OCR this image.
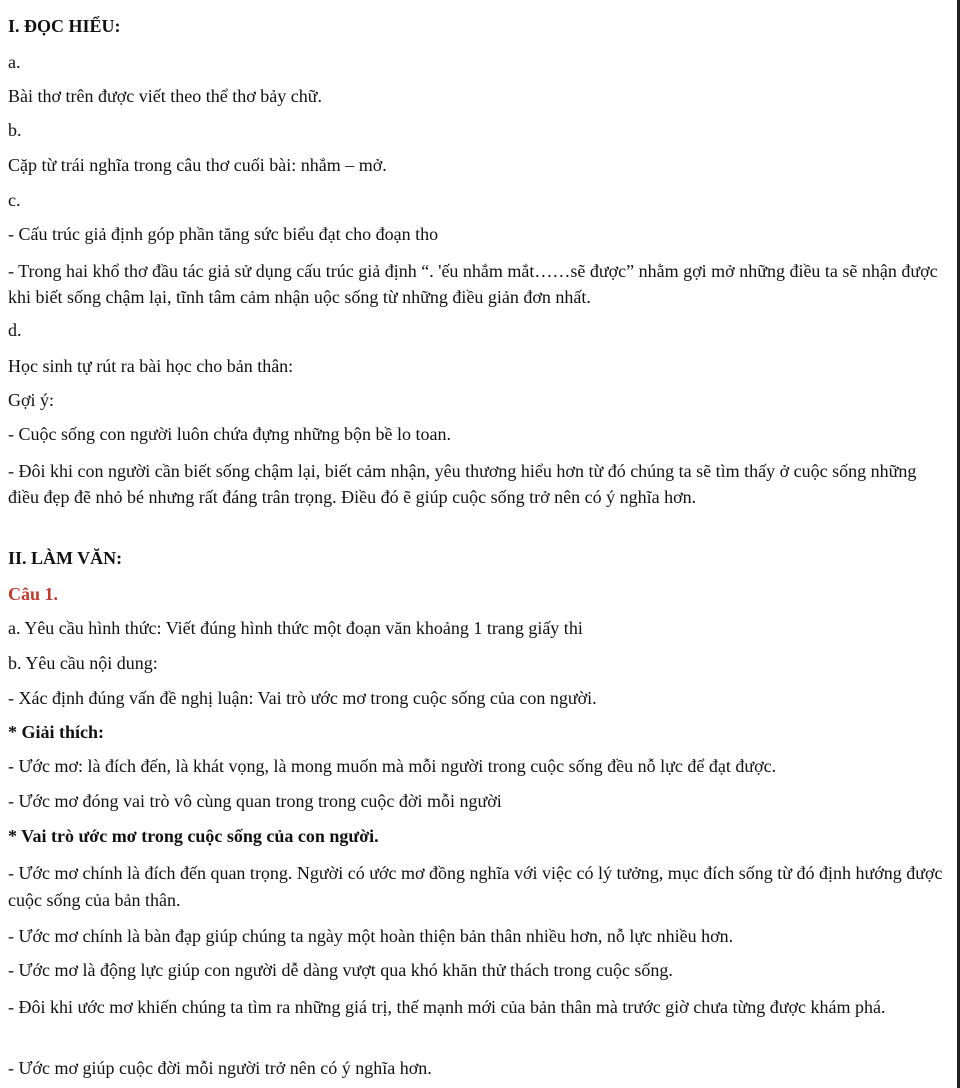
I. ĐỌC HIỂU:
a.
Bài thơ trên được viết theo thể thơ bảy chữ.
b.
Cặp từ trái nghĩa trong câu thơ cuối bài: nhắm – mở.
c.
- Cấu trúc giả định góp phần tăng sức biểu đạt cho đoạn tho
- Trong hai khổ thơ đầu tác giả sử dụng cấu trúc giả định “. 'ếu nhắm mắt……sẽ được” nhằm gợi mở những điều ta sẽ nhận được khi biết sống chậm lại, tĩnh tâm cảm nhận uộc sống từ những điều giản đơn nhất.
d.
Học sinh tự rút ra bài học cho bản thân:
Gợi ý:
- Cuộc sống con người luôn chứa đựng những bộn bề lo toan.
- Đôi khi con người cần biết sống chậm lại, biết cảm nhận, yêu thương hiểu hơn từ đó chúng ta sẽ tìm thấy ở cuộc sống những điều đẹp đẽ nhỏ bé nhưng rất đáng trân trọng. Điều đó ẽ giúp cuộc sống trở nên có ý nghĩa hơn.
II. LÀM VĂN:
Câu 1.
a. Yêu cầu hình thức: Viết đúng hình thức một đoạn văn khoảng 1 trang giấy thi
b. Yêu cầu nội dung:
- Xác định đúng vấn đề nghị luận: Vai trò ước mơ trong cuộc sống của con người.
* Giải thích:
- Ước mơ: là đích đến, là khát vọng, là mong muốn mà mỗi người trong cuộc sống đều nỗ lực để đạt được.
- Ước mơ đóng vai trò vô cùng quan trong trong cuộc đời mỗi người
* Vai trò ước mơ trong cuộc sống của con người.
- Ước mơ chính là đích đến quan trọng. Người có ước mơ đồng nghĩa với việc có lý tưởng, mục đích sống từ đó định hướng được cuộc sống của bản thân.
- Ước mơ chính là bàn đạp giúp chúng ta ngày một hoàn thiện bản thân nhiều hơn, nỗ lực nhiều hơn.
- Ước mơ là động lực giúp con người dễ dàng vượt qua khó khăn thử thách trong cuộc sống.
- Đôi khi ước mơ khiến chúng ta tìm ra những giá trị, thế mạnh mới của bản thân mà trước giờ chưa từng được khám phá.
- Ước mơ giúp cuộc đời mỗi người trở nên có ý nghĩa hơn.
